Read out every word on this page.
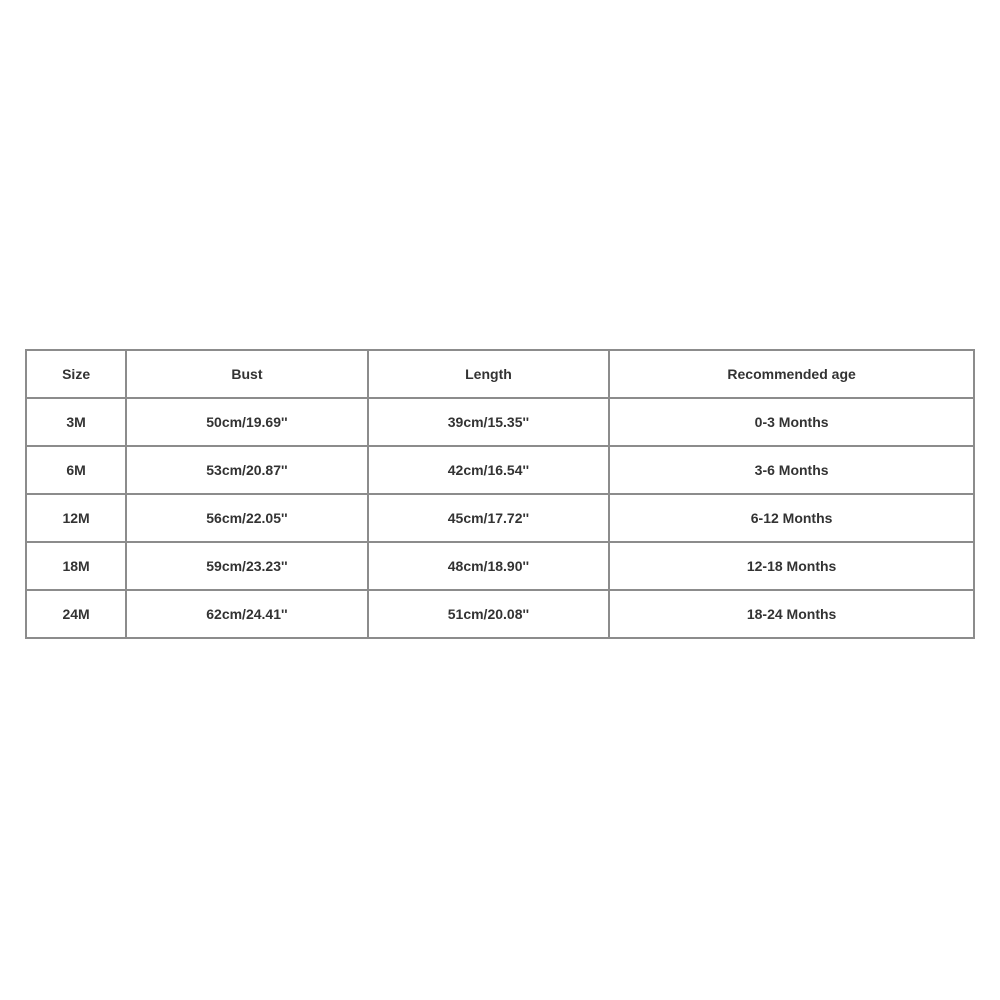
Size	Bust	Length	Recommended age
3M	50cm/19.69''	39cm/15.35''	0-3 Months
6M	53cm/20.87''	42cm/16.54''	3-6 Months
12M	56cm/22.05''	45cm/17.72''	6-12 Months
18M	59cm/23.23''	48cm/18.90''	12-18 Months
24M	62cm/24.41''	51cm/20.08''	18-24 Months
